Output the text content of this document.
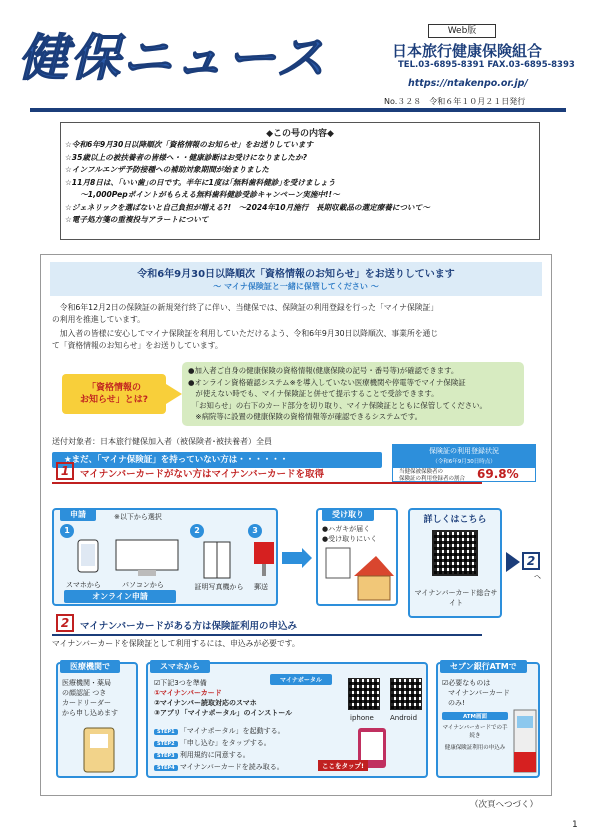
健保ニュース	Web版
日本旅行健康保険組合
TEL.03-6895-8391 FAX.03-6895-8393
https://ntakenpo.or.jp/
No.３２８　令和６年１０月２１日発行
◆この号の内容◆
☆令和6年9月30日以降順次「資格情報のお知らせ」をお送りしています
☆35歳以上の被扶養者の皆様へ・・健康診断はお受けになりましたか?
☆インフルエンザ予防接種への補助対象期間が始まりました
☆11月8日は、｢いい歯｣の日です。半年に1度は｢無料歯科健診｣を受けましょう
　　～1,000Pepポイントがもらえる無料歯科健診受診キャンペーン実施中!!～
☆ジェネリックを選ばないと自己負担が増える?!　～2024年10月施行　長期収載品の選定療養について～
☆電子処方箋の重複投与アラートについて
令和6年9月30日以降順次「資格情報のお知らせ」をお送りしています
～ マイナ保険証と一緒に保管してください ～
　令和6年12月2日の保険証の新規発行終了に伴い、当健保では、保険証の利用登録を行った「マイナ保険証」
の利用を推進しています。
　加入者の皆様に安心してマイナ保険証を利用していただけるよう、令和6年9月30日以降順次、事業所を通じ
て「資格情報のお知らせ」をお送りしています。
「資格情報の
お知らせ」とは?
●加入者ご自身の健康保険の資格情報(健康保険の記号・番号等)が確認できます。
●オンライン資格確認システム※を導入していない医療機関や停電等でマイナ保険証
　が使えない時でも、マイナ保険証と併せて提示することで受診できます。
　「お知らせ」の右下のカード部分を切り取り、マイナ保険証とともに保管してください。
　※病院等に設置の健康保険の資格情報等が確認できるシステムです。
送付対象者：日本旅行健保加入者（被保険者･被扶養者）全員
★まだ、「マイナ保険証」を持っていない方は・・・・・・
保険証の利用登録状況
（令和6年9月30日時点）
当健保被保険者の
保険証の利用登録者の割合 69.8%
1	マイナンバーカードがない方はマイナンバーカードを取得
申請	※以下から選択
1	2	3
スマホから	パソコンから
オンライン申請
証明写真機から 郵送
受け取り
●ハガキが届く
●受け取りにいく
詳しくはこちら
マイナンバーカード総合サイト
2
へ
2	マイナンバーカードがある方は保険証利用の申込み
マイナンバーカードを保険証として利用するには、申込みが必要です。
医療機関で
医療機関・薬局
の顔認証 つき
カードリーダー
から申し込めます
スマホから
☑下記3つを準備
①マイナンバーカード
②マイナンバー読取対応のスマホ
③アプリ「マイナポータル」のインストール
マイナポータル
STEP1 「マイナポータル」を起動する。
STEP2 「申し込む」をタップする。
STEP3 利用規約に同意する。
STEP4 マイナンバーカードを読み取る。
iphone Android
ここをタップ!
セブン銀行ATMで
☑必要なものは
マイナンバーカード
のみ!
ATM画面
マイナンバーカードでの手続き
健康保険証利用の申込み
（次頁へつづく）
1
